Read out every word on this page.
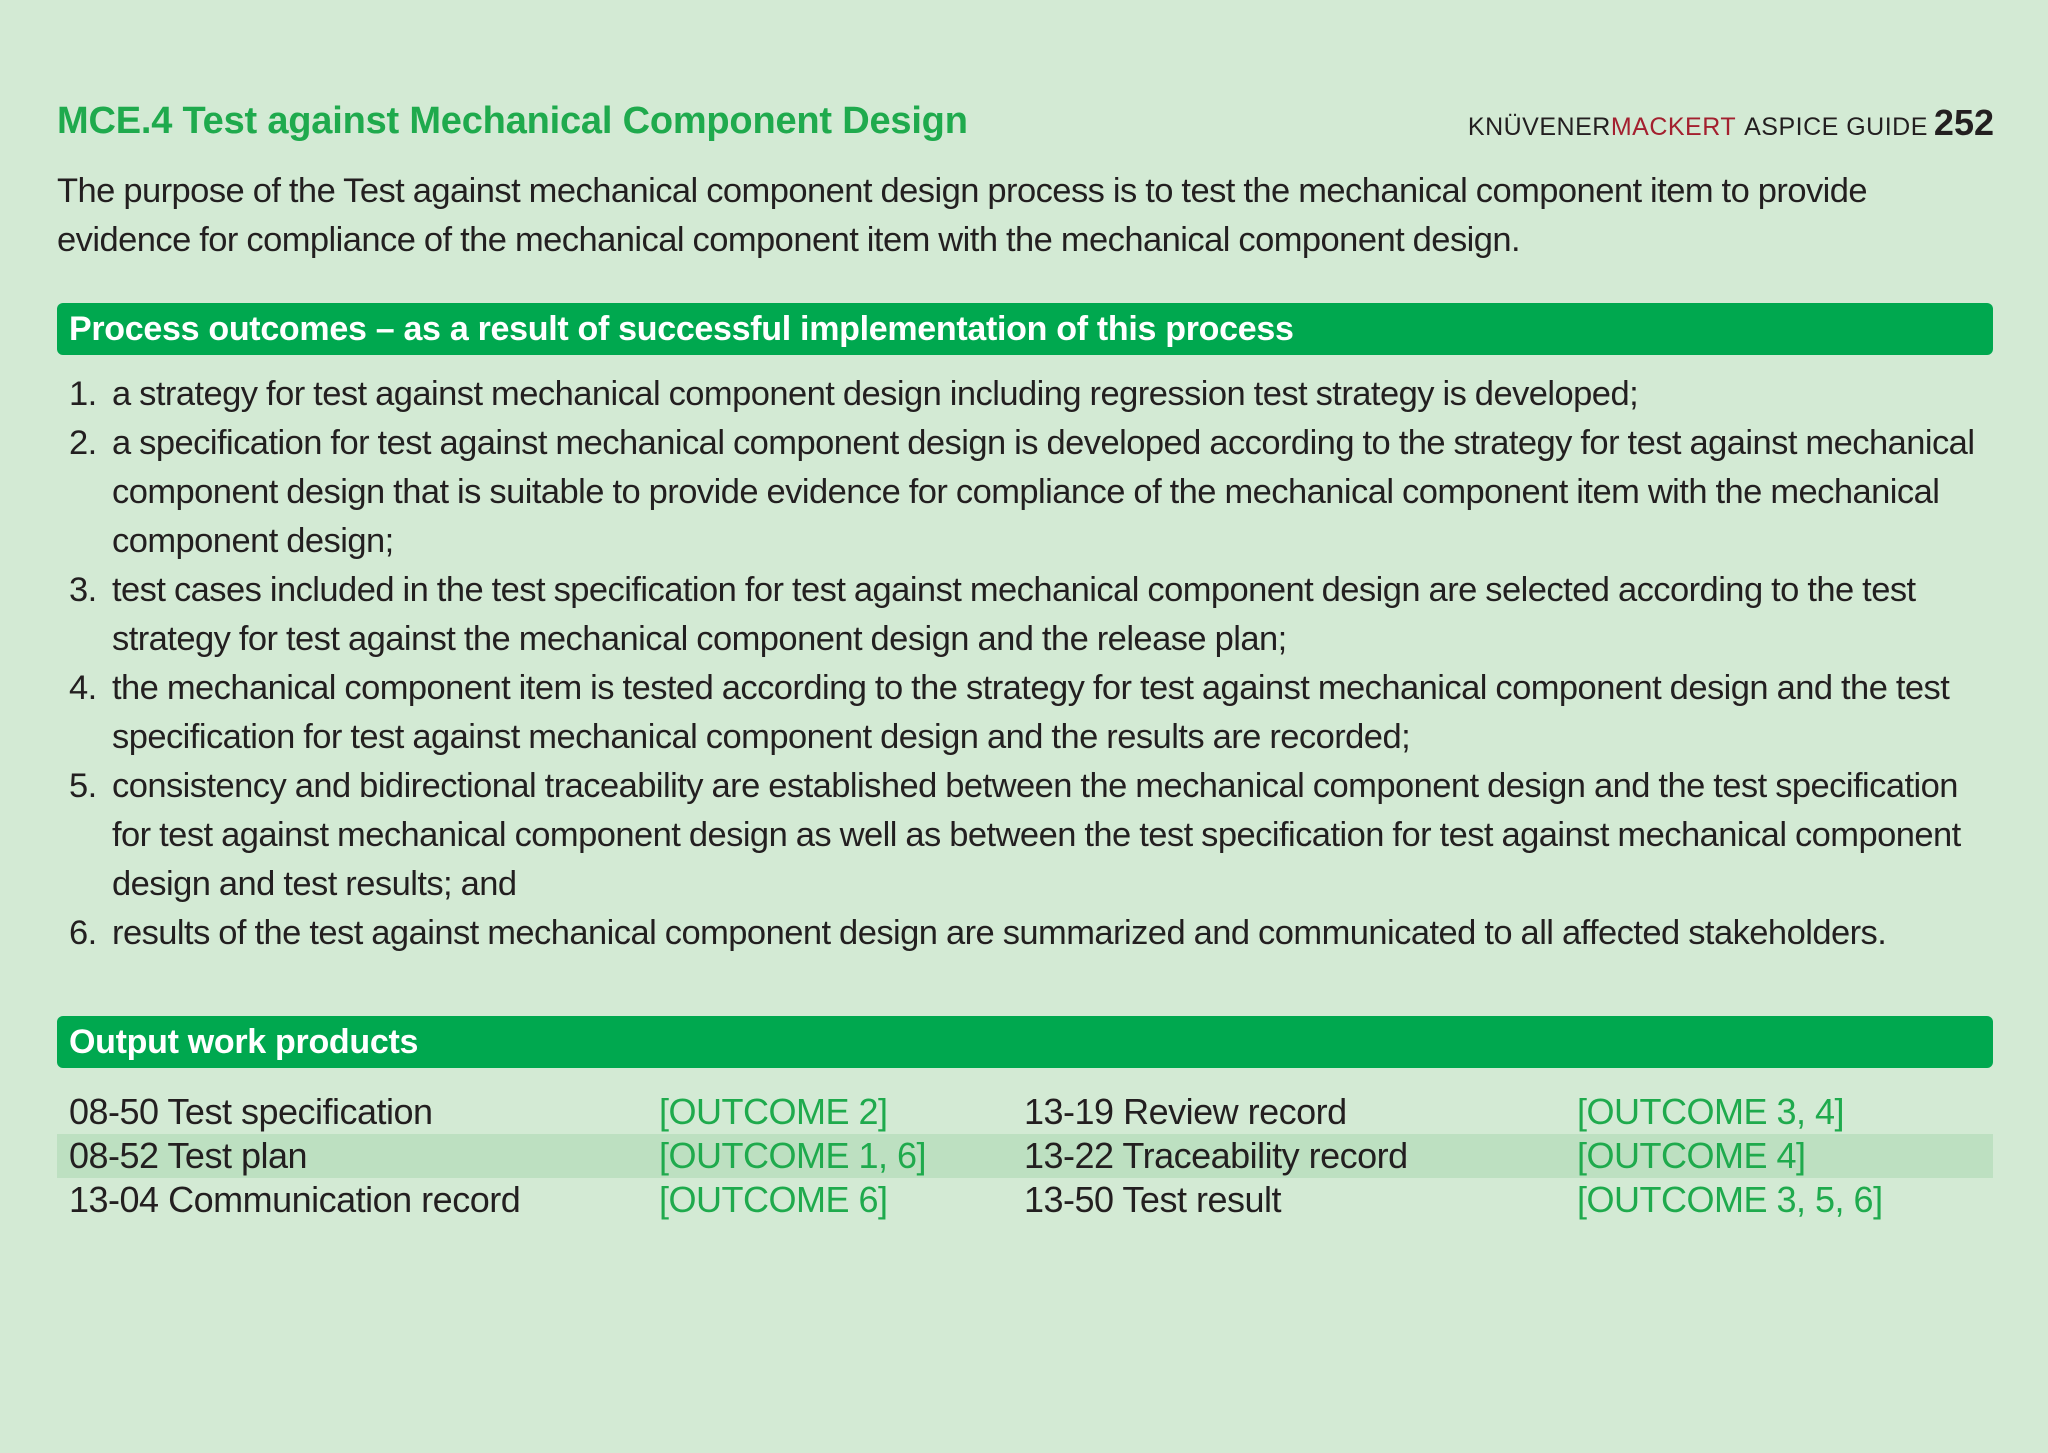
MCE.4 Test against Mechanical Component Design	KNÜVENER MACKERT ASPICE GUIDE 252
The purpose of the Test against mechanical component design process is to test the mechanical component item to provide evidence for compliance of the mechanical component item with the mechanical component design.
Process outcomes – as a result of successful implementation of this process
1. a strategy for test against mechanical component design including regression test strategy is developed;
2. a specification for test against mechanical component design is developed according to the strategy for test against mechanical component design that is suitable to provide evidence for compliance of the mechanical component item with the mechanical component design;
3. test cases included in the test specification for test against mechanical component design are selected according to the test strategy for test against the mechanical component design and the release plan;
4. the mechanical component item is tested according to the strategy for test against mechanical component design and the test specification for test against mechanical component design and the results are recorded;
5. consistency and bidirectional traceability are established between the mechanical component design and the test specification for test against mechanical component design as well as between the test specification for test against mechanical component design and test results; and
6. results of the test against mechanical component design are summarized and communicated to all affected stakeholders.
Output work products
08-50 Test specification	[OUTCOME 2]	13-19 Review record	[OUTCOME 3, 4]
08-52 Test plan	[OUTCOME 1, 6]	13-22 Traceability record	[OUTCOME 4]
13-04 Communication record	[OUTCOME 6]	13-50 Test result	[OUTCOME 3, 5, 6]
